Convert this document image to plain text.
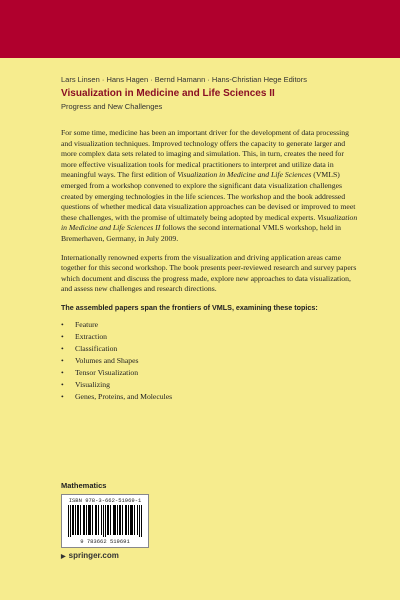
Lars Linsen · Hans Hagen · Bernd Hamann · Hans-Christian Hege Editors
Visualization in Medicine and Life Sciences II
Progress and New Challenges

For some time, medicine has been an important driver for the development of data processing and visualization techniques. Improved technology offers the capacity to generate larger and more complex data sets related to imaging and simulation. This, in turn, creates the need for more effective visualization tools for medical practitioners to interpret and utilize data in meaningful ways. The first edition of Visualization in Medicine and Life Sciences (VMLS) emerged from a workshop convened to explore the significant data visualization challenges created by emerging technologies in the life sciences. The workshop and the book addressed questions of whether medical data visualization approaches can be devised or improved to meet these challenges, with the promise of ultimately being adopted by medical experts. Visualization in Medicine and Life Sciences II follows the second international VMLS workshop, held in Bremerhaven, Germany, in July 2009.

Internationally renowned experts from the visualization and driving application areas came together for this second workshop. The book presents peer-reviewed research and survey papers which document and discuss the progress made, explore new approaches to data visualization, and assess new challenges and research directions.

The assembled papers span the frontiers of VMLS, examining these topics:
• Feature
• Extraction
• Classification
• Volumes and Shapes
• Tensor Visualization
• Visualizing
• Genes, Proteins, and Molecules
Mathematics
ISBN 978-3-662-51969-1
9 783662 519691
▶ springer.com
